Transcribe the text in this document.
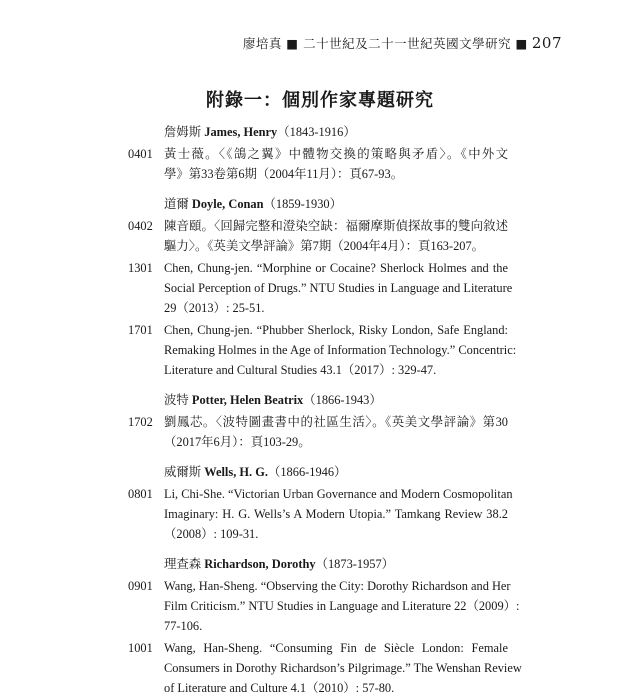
廖培真 ■ 二十世紀及二十一世紀英國文學研究 ■ 207
附錄一：個別作家專題研究
詹姆斯 James, Henry（1843-1916）
0401 黃士薇。〈《鴿之翼》中體物交換的策略與矛盾〉。《中外文
學》第33卷第6期（2004年11月）：頁67-93。
道爾 Doyle, Conan（1859-1930）
0402 陳音頤。〈回歸完整和澄染空缺：福爾摩斯偵探故事的雙向敘述
驅力〉。《英美文學評論》第7期（2004年4月）：頁163-207。
1301 Chen, Chung-jen. “Morphine or Cocaine? Sherlock Holmes and the
Social Perception of Drugs.” NTU Studies in Language and Literature
29（2013）: 25-51.
1701 Chen, Chung-jen. “Phubber Sherlock, Risky London, Safe England:
Remaking Holmes in the Age of Information Technology.” Concentric:
Literature and Cultural Studies 43.1（2017）: 329-47.
波特 Potter, Helen Beatrix（1866-1943）
1702 劉鳳芯。〈波特圖畫書中的社區生活〉。《英美文學評論》第30
（2017年6月）：頁103-29。
威爾斯 Wells, H. G.（1866-1946）
0801 Li, Chi-She. “Victorian Urban Governance and Modern Cosmopolitan
Imaginary: H. G. Wells’s A Modern Utopia.” Tamkang Review 38.2
（2008）: 109-31.
理查森 Richardson, Dorothy（1873-1957）
0901 Wang, Han-Sheng. “Observing the City: Dorothy Richardson and Her
Film Criticism.” NTU Studies in Language and Literature 22（2009）:
77-106.
1001 Wang, Han-Sheng. “Consuming Fin de Siècle London: Female
Consumers in Dorothy Richardson’s Pilgrimage.” The Wenshan Review
of Literature and Culture 4.1（2010）: 57-80.
